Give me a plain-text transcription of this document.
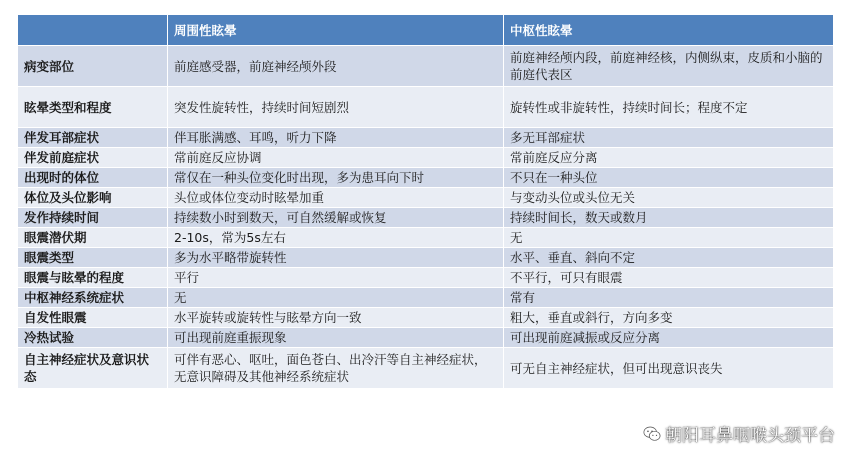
	周围性眩晕	中枢性眩晕
病变部位	前庭感受器，前庭神经颅外段	前庭神经颅内段，前庭神经核，内侧纵束，皮质和小脑的前庭代表区
眩晕类型和程度	突发性旋转性，持续时间短剧烈	旋转性或非旋转性，持续时间长；程度不定
伴发耳部症状	伴耳胀满感、耳鸣，听力下降	多无耳部症状
伴发前庭症状	常前庭反应协调	常前庭反应分离
出现时的体位	常仅在一种头位变化时出现，多为患耳向下时	不只在一种头位
体位及头位影响	头位或体位变动时眩晕加重	与变动头位或头位无关
发作持续时间	持续数小时到数天，可自然缓解或恢复	持续时间长，数天或数月
眼震潜伏期	2-10s，常为5s左右	无
眼震类型	多为水平略带旋转性	水平、垂直、斜向不定
眼震与眩晕的程度	平行	不平行，可只有眼震
中枢神经系统症状	无	常有
自发性眼震	水平旋转或旋转性与眩晕方向一致	粗大，垂直或斜行，方向多变
冷热试验	可出现前庭重振现象	可出现前庭减振或反应分离
自主神经症状及意识状态	可伴有恶心、呕吐，面色苍白、出冷汗等自主神经症状，无意识障碍及其他神经系统症状	可无自主神经症状，但可出现意识丧失
朝阳耳鼻咽喉头颈平台
